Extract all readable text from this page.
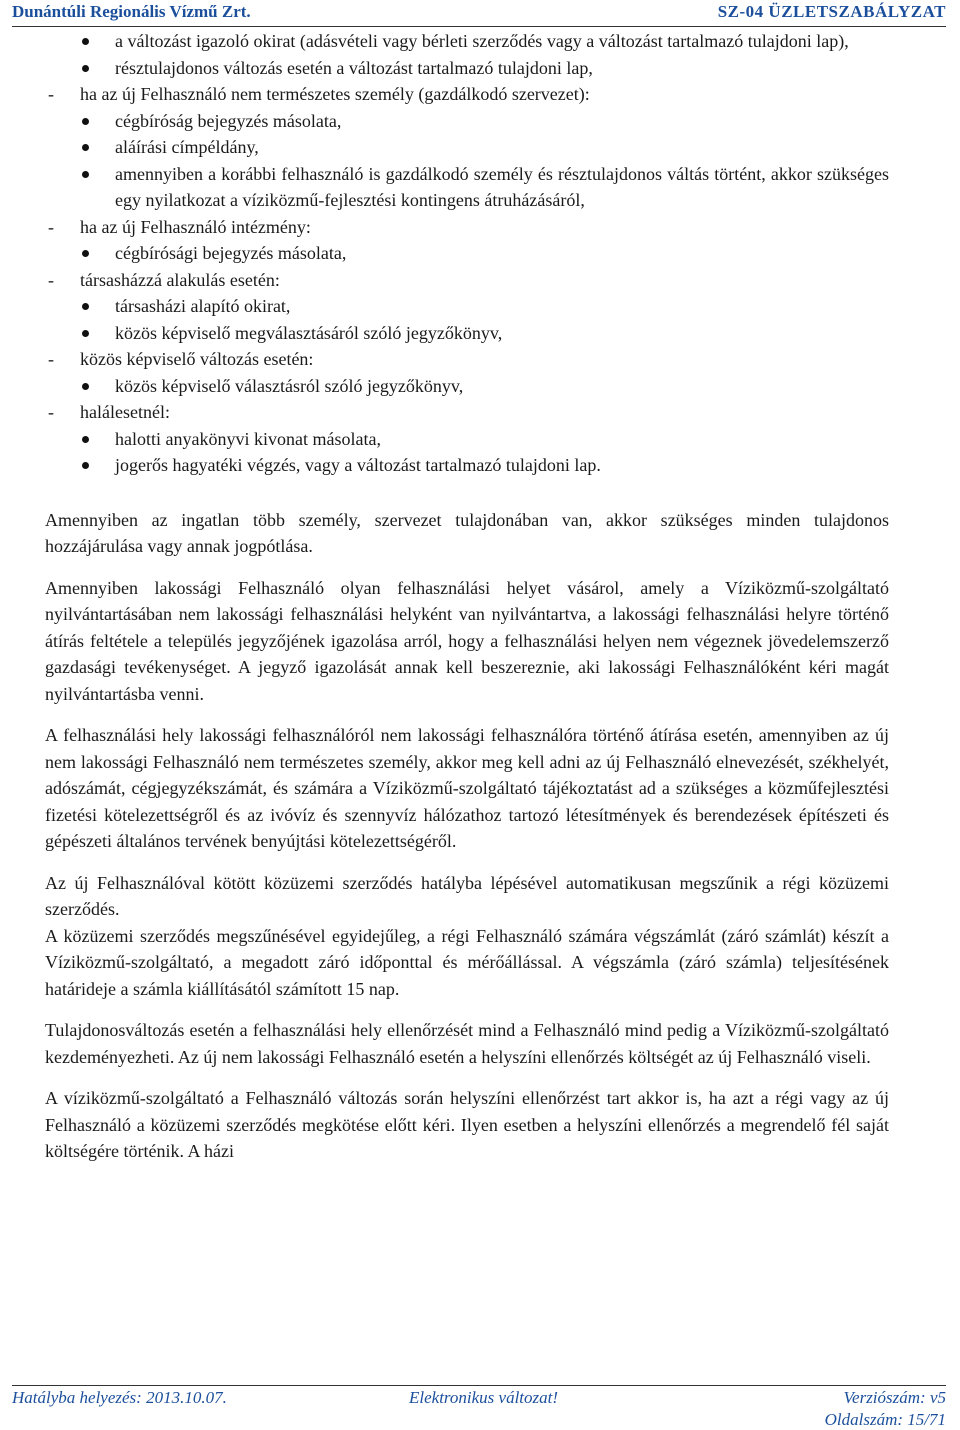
Dunántúli Regionális Vízmű Zrt.	SZ-04 ÜZLETSZABÁLYZAT
a változást igazoló okirat (adásvételi vagy bérleti szerződés vagy a változást tartalmazó tulajdoni lap),
résztulajdonos változás esetén a változást tartalmazó tulajdoni lap,
- ha az új Felhasználó nem természetes személy (gazdálkodó szervezet):
cégbíróság bejegyzés másolata,
aláírási címpéldány,
amennyiben a korábbi felhasználó is gazdálkodó személy és résztulajdonos váltás történt, akkor szükséges egy nyilatkozat a víziközmű-fejlesztési kontingens átruházásáról,
- ha az új Felhasználó intézmény:
cégbírósági bejegyzés másolata,
- társasházzá alakulás esetén:
társasházi alapító okirat,
közös képviselő megválasztásáról szóló jegyzőkönyv,
- közös képviselő változás esetén:
közös képviselő választásról szóló jegyzőkönyv,
- halálesetnél:
halotti anyakönyvi kivonat másolata,
jogerős hagyatéki végzés, vagy a változást tartalmazó tulajdoni lap.

Amennyiben az ingatlan több személy, szervezet tulajdonában van, akkor szükséges minden tulajdonos hozzájárulása vagy annak jogpótlása.

Amennyiben lakossági Felhasználó olyan felhasználási helyet vásárol, amely a Víziközmű-szolgáltató nyilvántartásában nem lakossági felhasználási helyként van nyilvántartva, a lakossági felhasználási helyre történő átírás feltétele a település jegyzőjének igazolása arról, hogy a felhasználási helyen nem végeznek jövedelemszerző gazdasági tevékenységet. A jegyző igazolását annak kell beszereznie, aki lakossági Felhasználóként kéri magát nyilvántartásba venni.

A felhasználási hely lakossági felhasználóról nem lakossági felhasználóra történő átírása esetén, amennyiben az új nem lakossági Felhasználó nem természetes személy, akkor meg kell adni az új Felhasználó elnevezését, székhelyét, adószámát, cégjegyzékszámát, és számára a Víziközmű-szolgáltató tájékoztatást ad a szükséges a közműfejlesztési fizetési kötelezettségről és az ivóvíz és szennyvíz hálózathoz tartozó létesítmények és berendezések építészeti és gépészeti általános tervének benyújtási kötelezettségéről.

Az új Felhasználóval kötött közüzemi szerződés hatályba lépésével automatikusan megszűnik a régi közüzemi szerződés.

A közüzemi szerződés megszűnésével egyidejűleg, a régi Felhasználó számára végszámlát (záró számlát) készít a Víziközmű-szolgáltató, a megadott záró időponttal és mérőállással. A végszámla (záró számla) teljesítésének határideje a számla kiállításától számított 15 nap.

Tulajdonosváltozás esetén a felhasználási hely ellenőrzését mind a Felhasználó mind pedig a Víziközmű-szolgáltató kezdeményezheti. Az új nem lakossági Felhasználó esetén a helyszíni ellenőrzés költségét az új Felhasználó viseli.

A víziközmű-szolgáltató a Felhasználó változás során helyszíni ellenőrzést tart akkor is, ha azt a régi vagy az új Felhasználó a közüzemi szerződés megkötése előtt kéri. Ilyen esetben a helyszíni ellenőrzés a megrendelő fél saját költségére történik. A házi

Hatályba helyezés: 2013.10.07.	Elektronikus változat!	Verziószám: v5
Oldalszám: 15/71
